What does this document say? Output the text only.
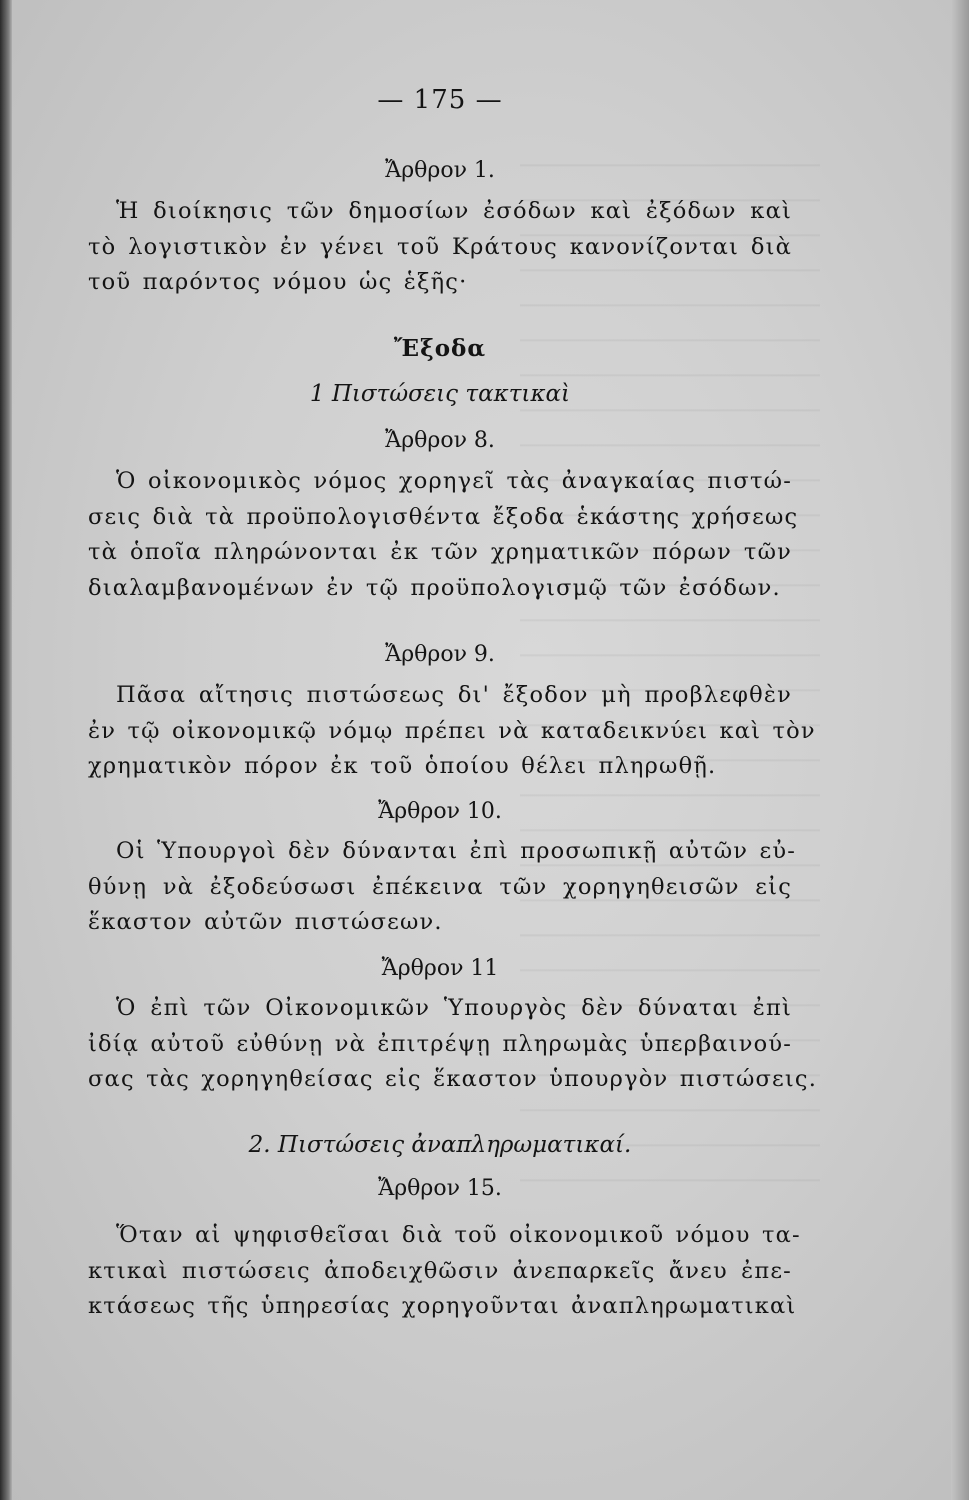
— 175 —
Ἄρθρον 1.
Ἡ διοίκησις τῶν δημοσίων ἐσόδων καὶ ἐξόδων καὶ
τὸ λογιστικὸν ἐν γένει τοῦ Κράτους κανονίζονται διὰ
τοῦ παρόντος νόμου ὡς ἑξῆς·
Ἔξοδα
1 Πιστώσεις τακτικαὶ
Ἄρθρον 8.
Ὁ οἰκονομικὸς νόμος χορηγεῖ τὰς ἀναγκαίας πιστώ-
σεις διὰ τὰ προϋπολογισθέντα ἔξοδα ἑκάστης χρήσεως
τὰ ὁποῖα πληρώνονται ἐκ τῶν χρηματικῶν πόρων τῶν
διαλαμβανομένων ἐν τῷ προϋπολογισμῷ τῶν ἐσόδων.
Ἄρθρον 9.
Πᾶσα αἴτησις πιστώσεως δι' ἔξοδον μὴ προβλεφθὲν
ἐν τῷ οἰκονομικῷ νόμῳ πρέπει νὰ καταδεικνύει καὶ τὸν
χρηματικὸν πόρον ἐκ τοῦ ὁποίου θέλει πληρωθῇ.
Ἄρθρον 10.
Οἱ Ὑπουργοὶ δὲν δύνανται ἐπὶ προσωπικῇ αὐτῶν εὐ-
θύνῃ νὰ ἐξοδεύσωσι ἐπέκεινα τῶν χορηγηθεισῶν εἰς
ἕκαστον αὐτῶν πιστώσεων.
Ἄρθρον 11
Ὁ ἐπὶ τῶν Οἰκονομικῶν Ὑπουργὸς δὲν δύναται ἐπὶ
ἰδίᾳ αὐτοῦ εὐθύνῃ νὰ ἐπιτρέψῃ πληρωμὰς ὑπερβαινού-
σας τὰς χορηγηθείσας εἰς ἕκαστον ὑπουργὸν πιστώσεις.
2. Πιστώσεις ἀναπληρωματικαί.
Ἄρθρον 15.
Ὅταν αἱ ψηφισθεῖσαι διὰ τοῦ οἰκονομικοῦ νόμου τα-
κτικαὶ πιστώσεις ἀποδειχθῶσιν ἀνεπαρκεῖς ἄνευ ἐπε-
κτάσεως τῆς ὑπηρεσίας χορηγοῦνται ἀναπληρωματικαὶ
